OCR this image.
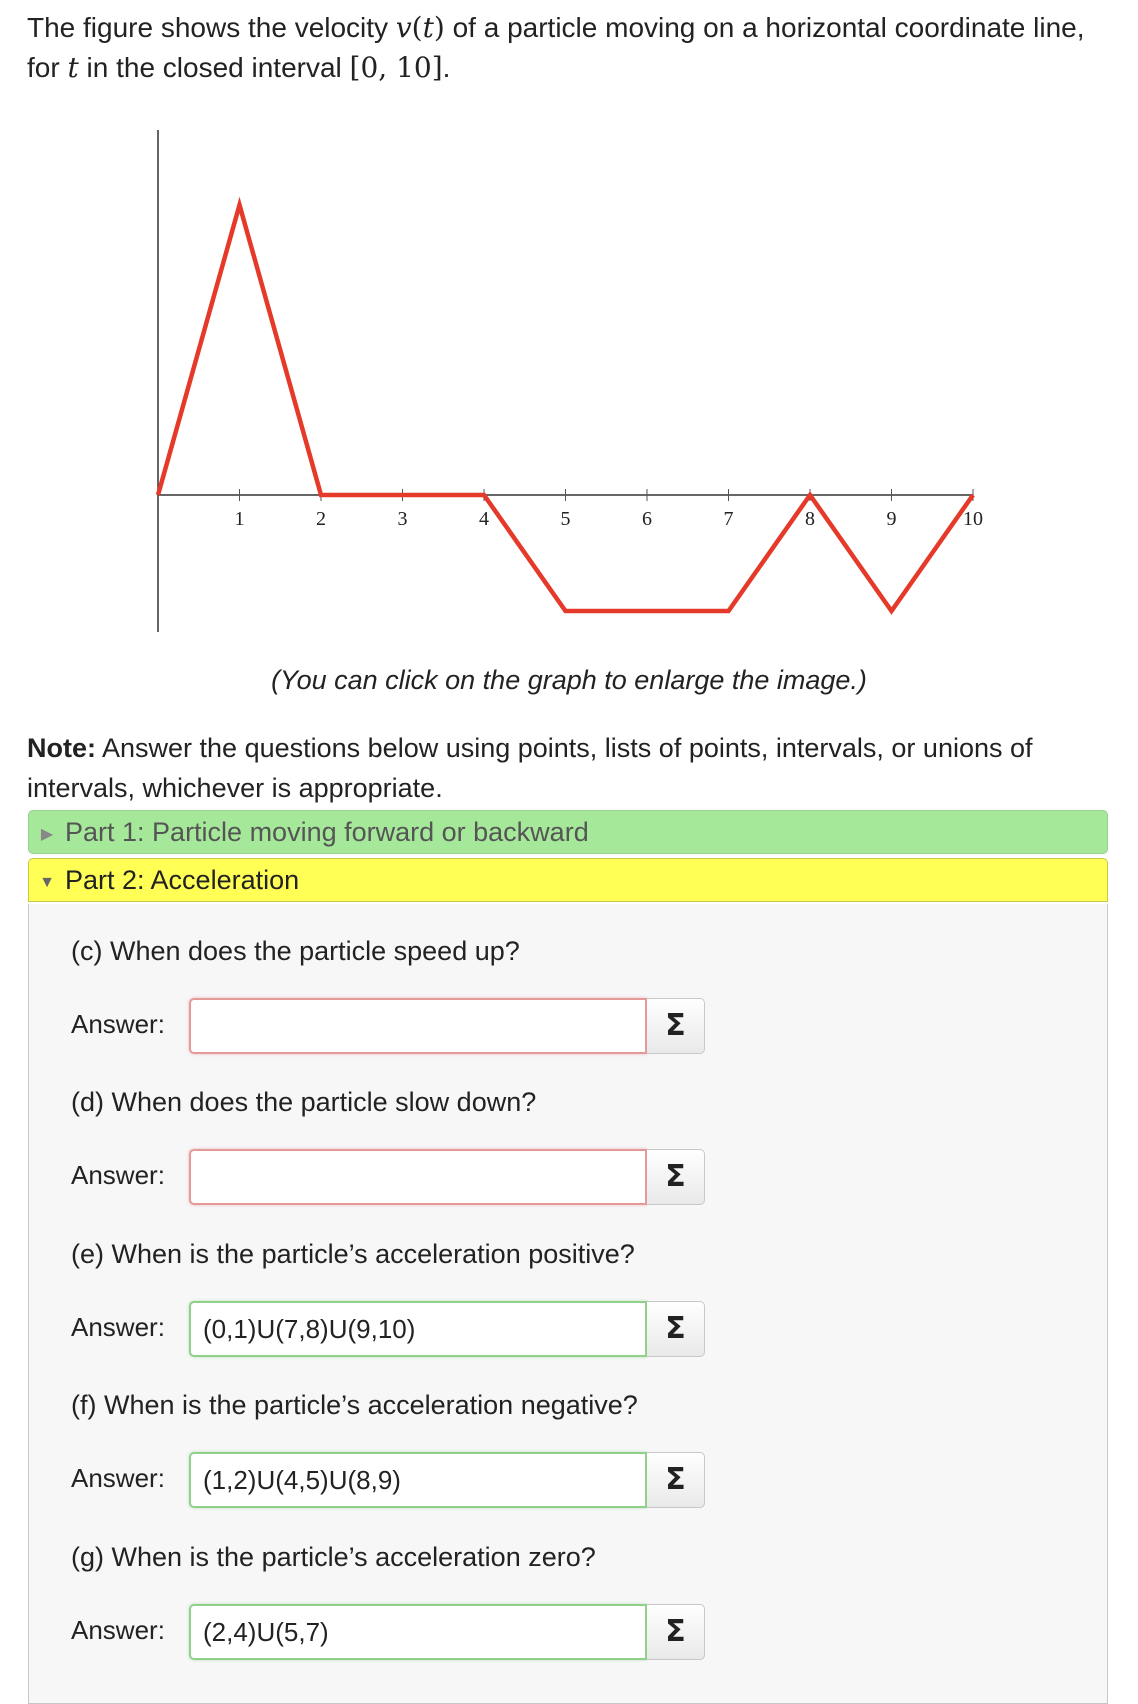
The figure shows the velocity v(t) of a particle moving on a horizontal coordinate line, for t in the closed interval [0, 10].
1	2	3	4	5	6	7	8	9	10
(You can click on the graph to enlarge the image.)
Note: Answer the questions below using points, lists of points, intervals, or unions of intervals, whichever is appropriate.
▶ Part 1: Particle moving forward or backward
▼ Part 2: Acceleration
(c) When does the particle speed up?
Answer:	Σ
(d) When does the particle slow down?
Answer:	Σ
(e) When is the particle’s acceleration positive?
Answer:
(0,1)U(7,8)U(9,10)	Σ
(f) When is the particle’s acceleration negative?
Answer:
(1,2)U(4,5)U(8,9)	Σ
(g) When is the particle’s acceleration zero?
Answer:
(2,4)U(5,7)	Σ
